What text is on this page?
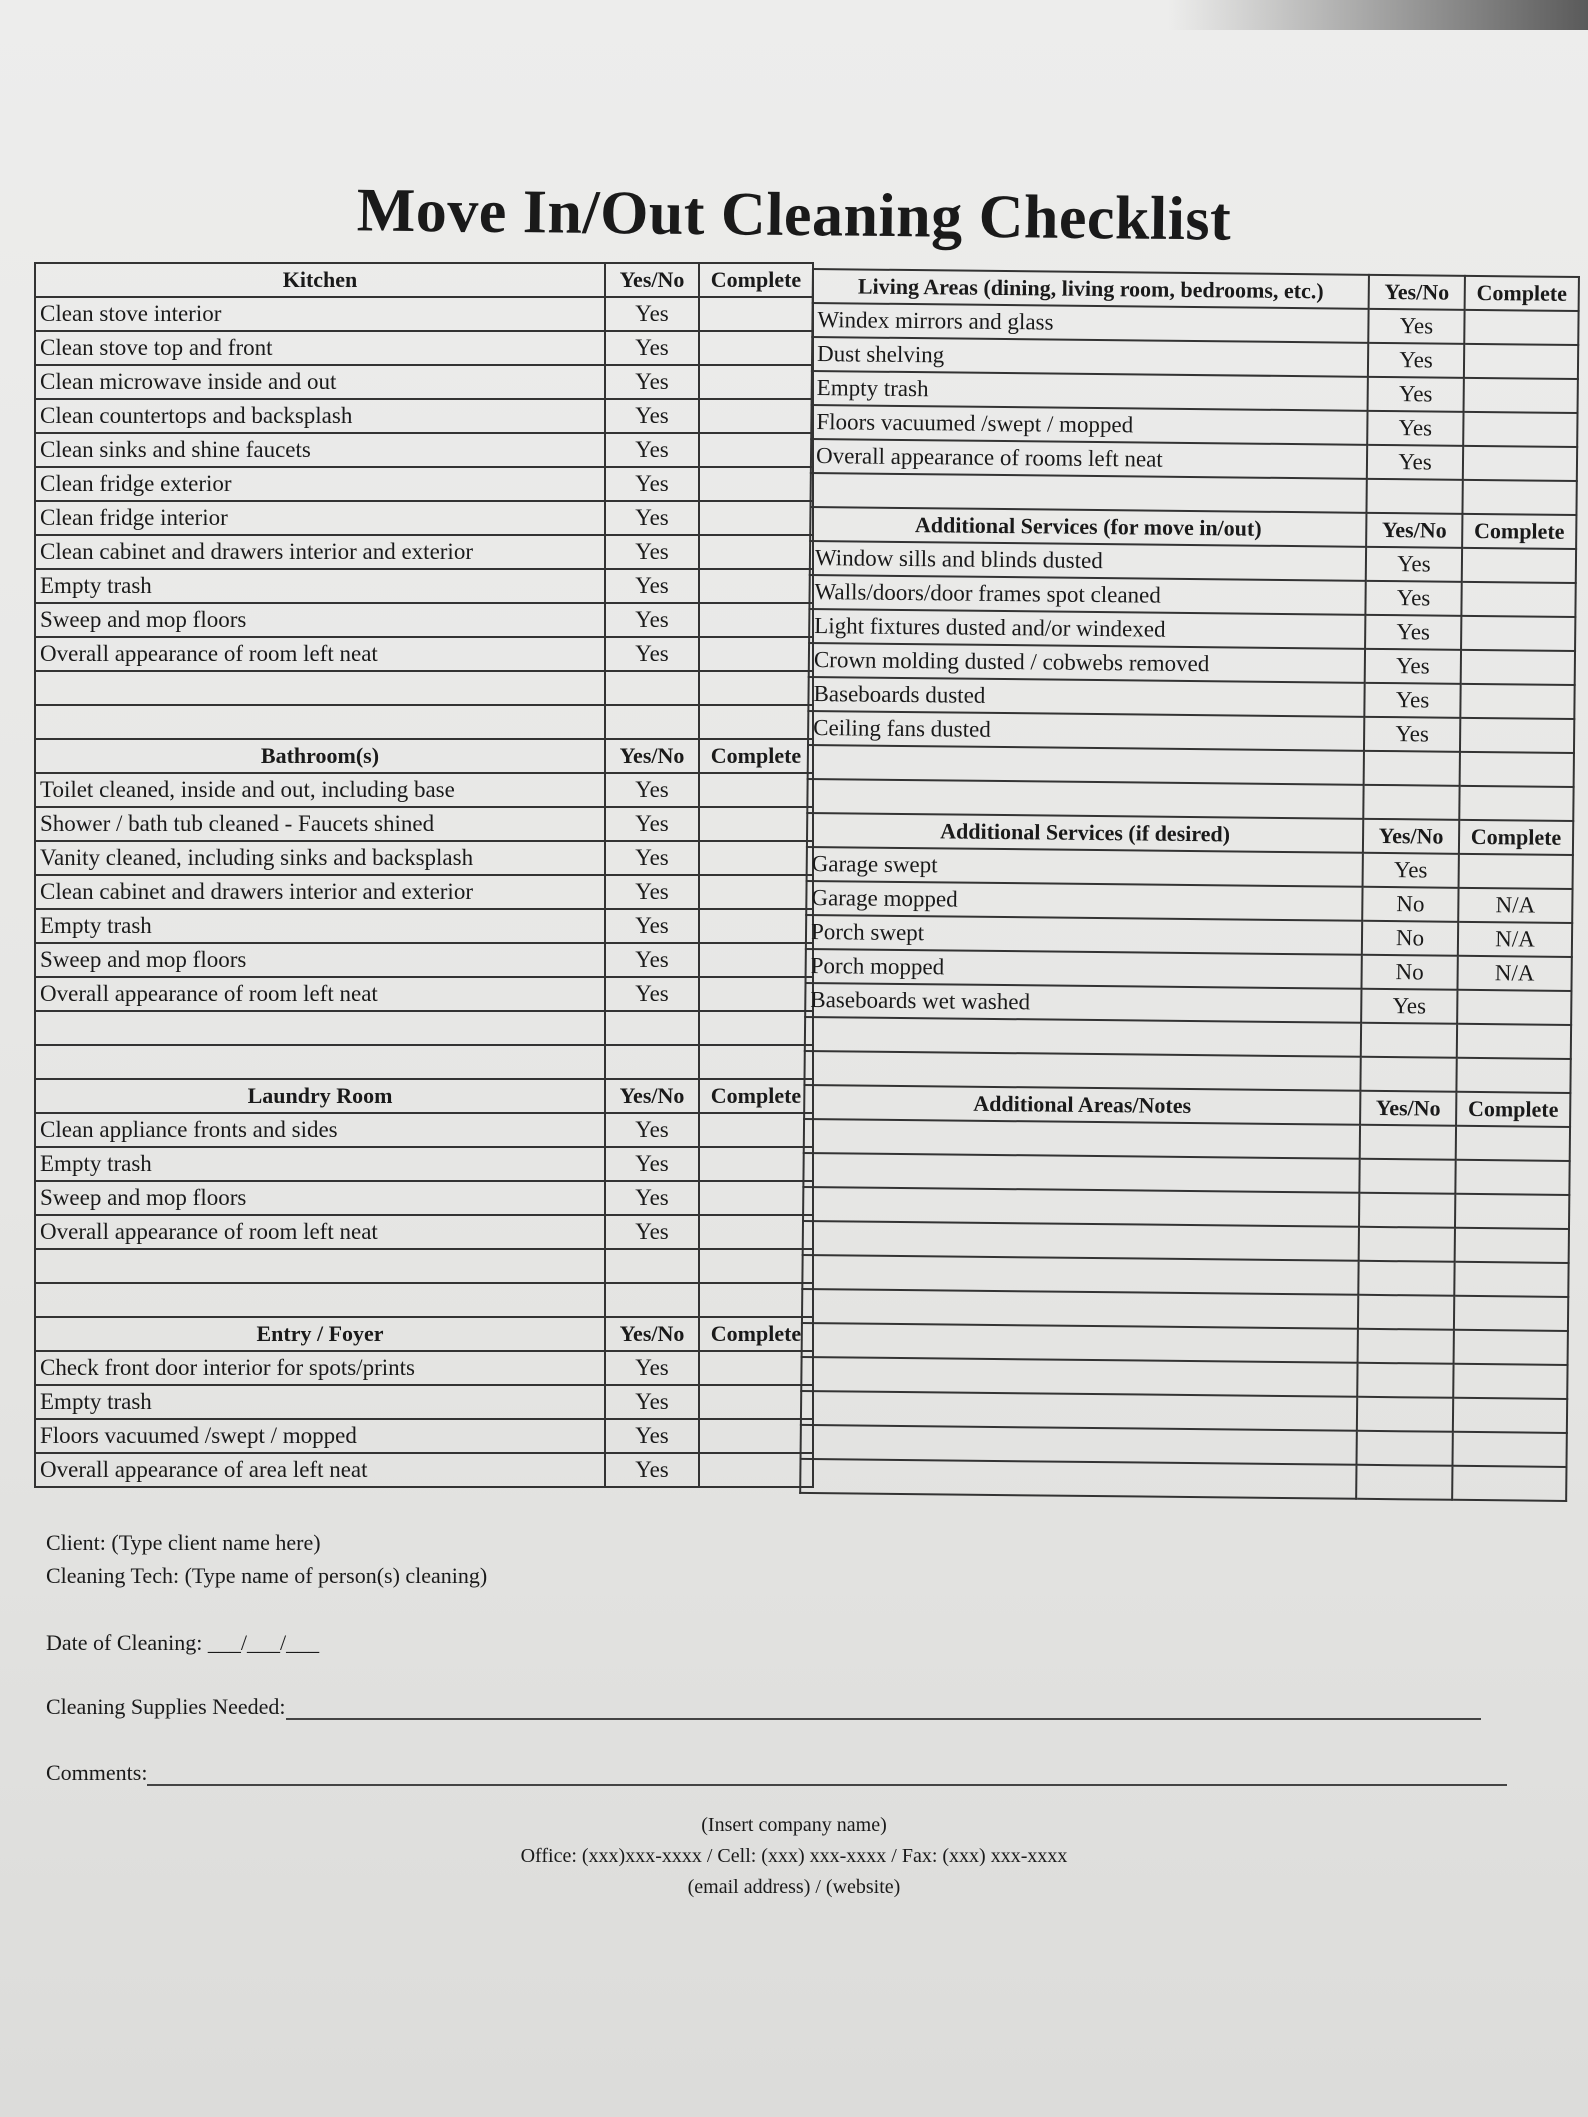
Move In/Out Cleaning Checklist
Kitchen	Yes/No	Complete
Clean stove interior	Yes	
Clean stove top and front	Yes	
Clean microwave inside and out	Yes	
Clean countertops and backsplash	Yes	
Clean sinks and shine faucets	Yes	
Clean fridge exterior	Yes	
Clean fridge interior	Yes	
Clean cabinet and drawers interior and exterior	Yes	
Empty trash	Yes	
Sweep and mop floors	Yes	
Overall appearance of room left neat	Yes	

Bathroom(s)	Yes/No	Complete
Toilet cleaned, inside and out, including base	Yes	
Shower / bath tub cleaned - Faucets shined	Yes	
Vanity cleaned, including sinks and backsplash	Yes	
Clean cabinet and drawers interior and exterior	Yes	
Empty trash	Yes	
Sweep and mop floors	Yes	
Overall appearance of room left neat	Yes	

Laundry Room	Yes/No	Complete
Clean appliance fronts and sides	Yes	
Empty trash	Yes	
Sweep and mop floors	Yes	
Overall appearance of room left neat	Yes	

Entry / Foyer	Yes/No	Complete
Check front door interior for spots/prints	Yes	
Empty trash	Yes	
Floors vacuumed /swept / mopped	Yes	
Overall appearance of area left neat	Yes	
Living Areas (dining, living room, bedrooms, etc.)	Yes/No	Complete
Windex mirrors and glass	Yes	
Dust shelving	Yes	
Empty trash	Yes	
Floors vacuumed /swept / mopped	Yes	
Overall appearance of rooms left neat	Yes	

Additional Services (for move in/out)	Yes/No	Complete
Window sills and blinds dusted	Yes	
Walls/doors/door frames spot cleaned	Yes	
Light fixtures dusted and/or windexed	Yes	
Crown molding dusted / cobwebs removed	Yes	
Baseboards dusted	Yes	
Ceiling fans dusted	Yes	

Additional Services (if desired)	Yes/No	Complete
Garage swept	Yes	
Garage mopped	No	N/A
Porch swept	No	N/A
Porch mopped	No	N/A
Baseboards wet washed	Yes	

Additional Areas/Notes	Yes/No	Complete

Client: (Type client name here)
Cleaning Tech: (Type name of person(s) cleaning)
Date of Cleaning: ___/___/___
Cleaning Supplies Needed:
Comments:
(Insert company name)
Office: (xxx)xxx-xxxx / Cell: (xxx) xxx-xxxx / Fax: (xxx) xxx-xxxx
(email address) / (website)
